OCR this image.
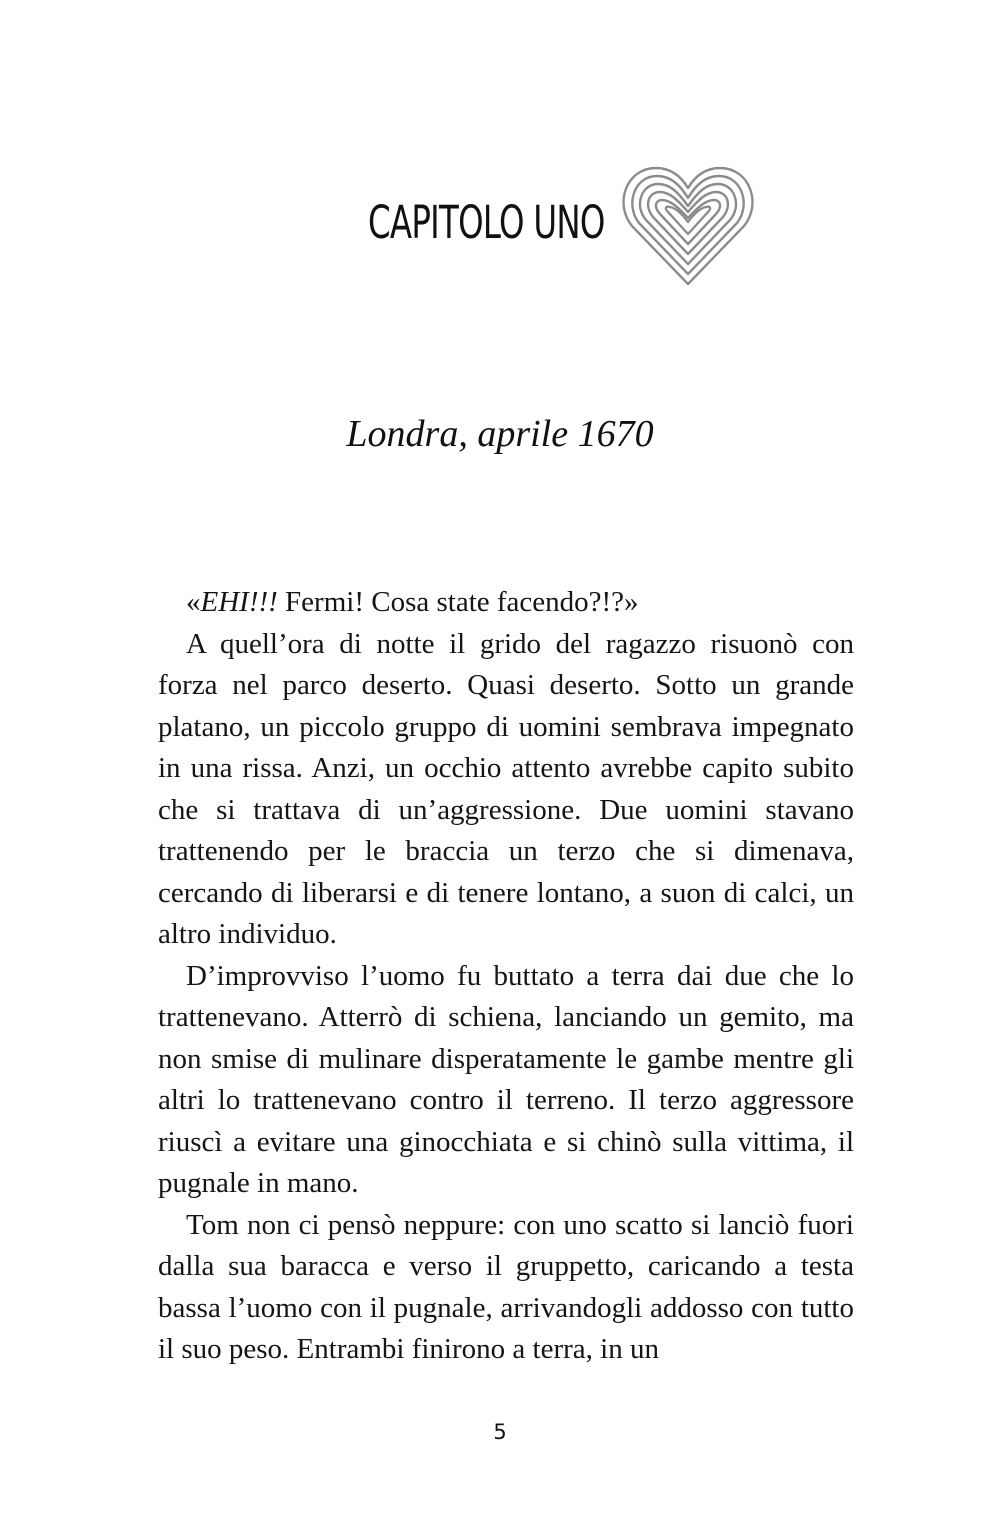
CAPITOLO UNO
Londra, aprile 1670

«EHI!!! Fermi! Cosa state facendo?!?»

A quell’ora di notte il grido del ragazzo risuonò con forza nel parco deserto. Quasi deserto. Sotto un grande platano, un piccolo gruppo di uomini sembrava impegnato in una rissa. Anzi, un occhio attento avrebbe capito subito che si trattava di un’aggressione. Due uomini stavano trattenendo per le braccia un terzo che si dimenava, cercando di liberarsi e di tenere lontano, a suon di calci, un altro individuo.

D’improvviso l’uomo fu buttato a terra dai due che lo trattenevano. Atterrò di schiena, lanciando un gemito, ma non smise di mulinare disperatamente le gambe mentre gli altri lo trattenevano contro il terreno. Il terzo aggressore riuscì a evitare una ginocchiata e si chinò sulla vittima, il pugnale in mano.

Tom non ci pensò neppure: con uno scatto si lanciò fuori dalla sua baracca e verso il gruppetto, caricando a testa bassa l’uomo con il pugnale, arrivandogli addosso con tutto il suo peso. Entrambi finirono a terra, in un

5
